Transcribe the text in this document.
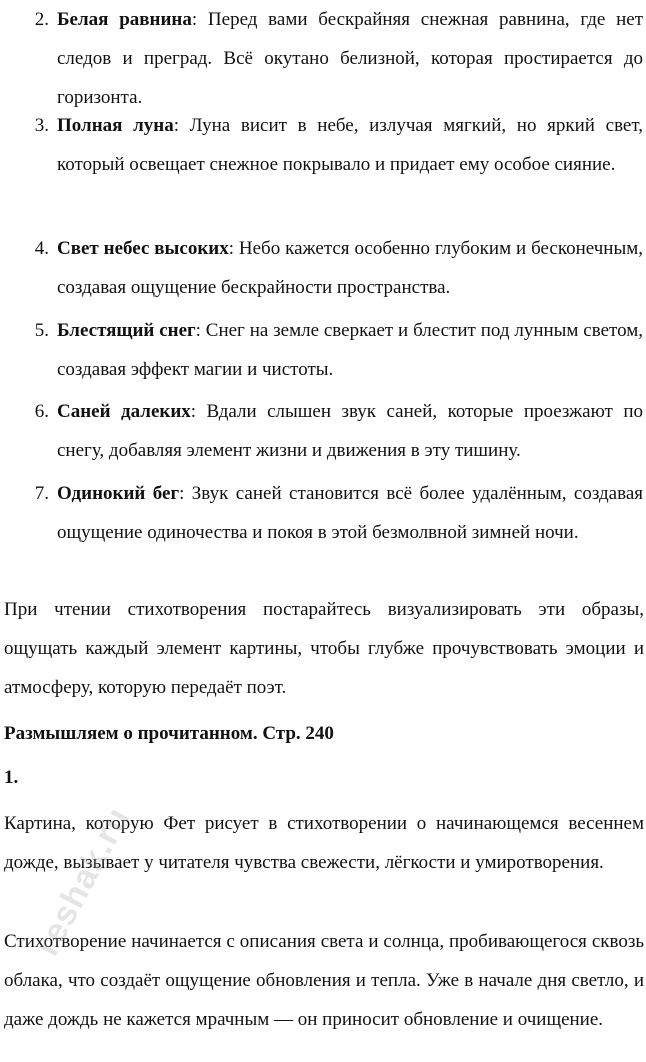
2. Белая равнина: Перед вами бескрайняя снежная равнина, где нет следов и преград. Всё окутано белизной, которая простирается до горизонта.
3. Полная луна: Луна висит в небе, излучая мягкий, но яркий свет, который освещает снежное покрывало и придает ему особое сияние.
4. Свет небес высоких: Небо кажется особенно глубоким и бесконечным, создавая ощущение бескрайности пространства.
5. Блестящий снег: Снег на земле сверкает и блестит под лунным светом, создавая эффект магии и чистоты.
6. Саней далеких: Вдали слышен звук саней, которые проезжают по снегу, добавляя элемент жизни и движения в эту тишину.
7. Одинокий бег: Звук саней становится всё более удалённым, создавая ощущение одиночества и покоя в этой безмолвной зимней ночи.
При чтении стихотворения постарайтесь визуализировать эти образы, ощущать каждый элемент картины, чтобы глубже прочувствовать эмоции и атмосферу, которую передаёт поэт.
Размышляем о прочитанном. Стр. 240
1.
Картина, которую Фет рисует в стихотворении о начинающемся весеннем дожде, вызывает у читателя чувства свежести, лёгкости и умиротворения.
Стихотворение начинается с описания света и солнца, пробивающегося сквозь облака, что создаёт ощущение обновления и тепла. Уже в начале дня светло, и даже дождь не кажется мрачным — он приносит обновление и очищение.
reshak.ru
